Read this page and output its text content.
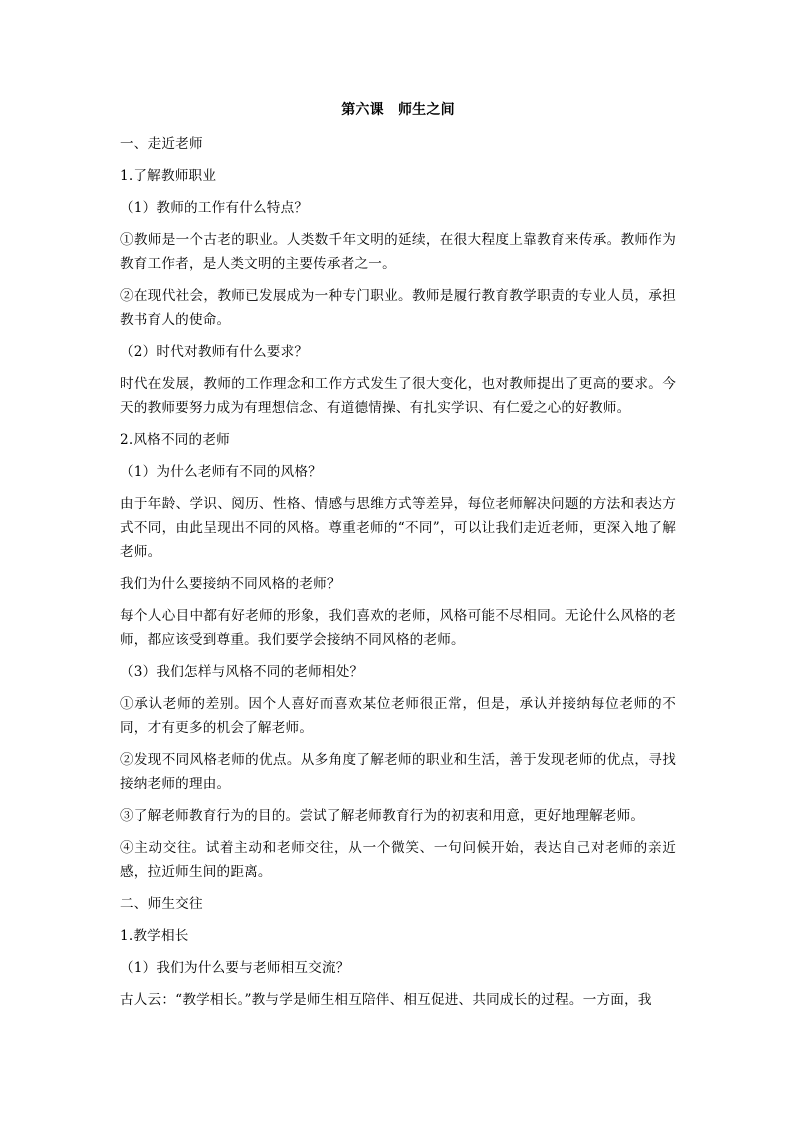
第六课　师生之间
一、走近老师
1.了解教师职业
（1）教师的工作有什么特点？
①教师是一个古老的职业。人类数千年文明的延续，在很大程度上靠教育来传承。教师作为教育工作者，是人类文明的主要传承者之一。
②在现代社会，教师已发展成为一种专门职业。教师是履行教育教学职责的专业人员，承担教书育人的使命。
（2）时代对教师有什么要求？
时代在发展，教师的工作理念和工作方式发生了很大变化，也对教师提出了更高的要求。今天的教师要努力成为有理想信念、有道德情操、有扎实学识、有仁爱之心的好教师。
2.风格不同的老师
（1）为什么老师有不同的风格？
由于年龄、学识、阅历、性格、情感与思维方式等差异，每位老师解决问题的方法和表达方式不同，由此呈现出不同的风格。尊重老师的“不同”，可以让我们走近老师，更深入地了解老师。
我们为什么要接纳不同风格的老师？
每个人心目中都有好老师的形象，我们喜欢的老师，风格可能不尽相同。无论什么风格的老师，都应该受到尊重。我们要学会接纳不同风格的老师。
（3）我们怎样与风格不同的老师相处？
①承认老师的差别。因个人喜好而喜欢某位老师很正常，但是，承认并接纳每位老师的不同，才有更多的机会了解老师。
②发现不同风格老师的优点。从多角度了解老师的职业和生活，善于发现老师的优点，寻找接纳老师的理由。
③了解老师教育行为的目的。尝试了解老师教育行为的初衷和用意，更好地理解老师。
④主动交往。试着主动和老师交往，从一个微笑、一句问候开始，表达自己对老师的亲近感，拉近师生间的距离。
二、师生交往
1.教学相长
（1）我们为什么要与老师相互交流？
古人云：“教学相长。”教与学是师生相互陪伴、相互促进、共同成长的过程。一方面，我
